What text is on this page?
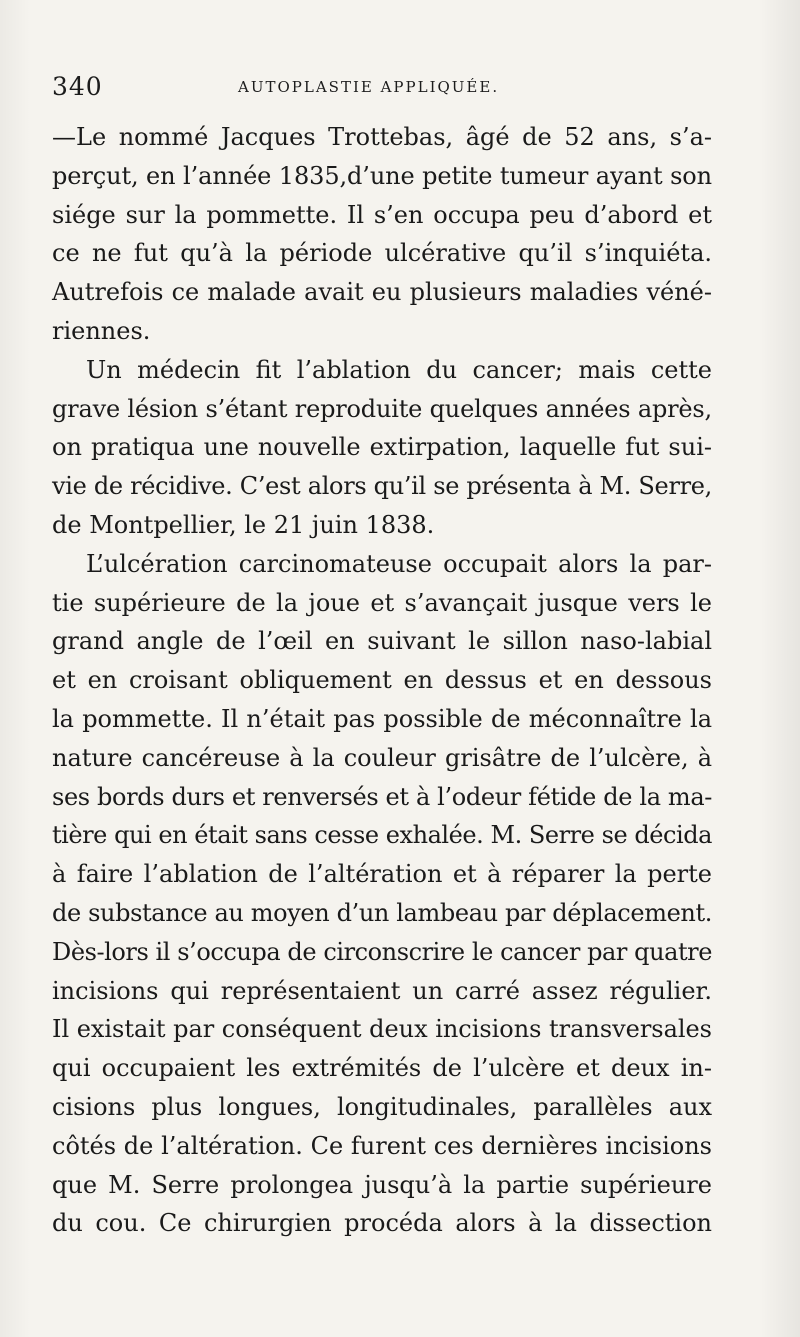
340	AUTOPLASTIE APPLIQUÉE.
—Le nommé Jacques Trottebas, âgé de 52 ans, s’a-
perçut, en l’année 1835,d’une petite tumeur ayant son
siége sur la pommette. Il s’en occupa peu d’abord et
ce ne fut qu’à la période ulcérative qu’il s’inquiéta.
Autrefois ce malade avait eu plusieurs maladies véné-
riennes.
Un médecin fit l’ablation du cancer; mais cette
grave lésion s’étant reproduite quelques années après,
on pratiqua une nouvelle extirpation, laquelle fut sui-
vie de récidive. C’est alors qu’il se présenta à M. Serre,
de Montpellier, le 21 juin 1838.
L’ulcération carcinomateuse occupait alors la par-
tie supérieure de la joue et s’avançait jusque vers le
grand angle de l’œil en suivant le sillon naso-labial
et en croisant obliquement en dessus et en dessous
la pommette. Il n’était pas possible de méconnaître la
nature cancéreuse à la couleur grisâtre de l’ulcère, à
ses bords durs et renversés et à l’odeur fétide de la ma-
tière qui en était sans cesse exhalée. M. Serre se décida
à faire l’ablation de l’altération et à réparer la perte
de substance au moyen d’un lambeau par déplacement.
Dès-lors il s’occupa de circonscrire le cancer par quatre
incisions qui représentaient un carré assez régulier.
Il existait par conséquent deux incisions transversales
qui occupaient les extrémités de l’ulcère et deux in-
cisions plus longues, longitudinales, parallèles aux
côtés de l’altération. Ce furent ces dernières incisions
que M. Serre prolongea jusqu’à la partie supérieure
du cou. Ce chirurgien procéda alors à la dissection
